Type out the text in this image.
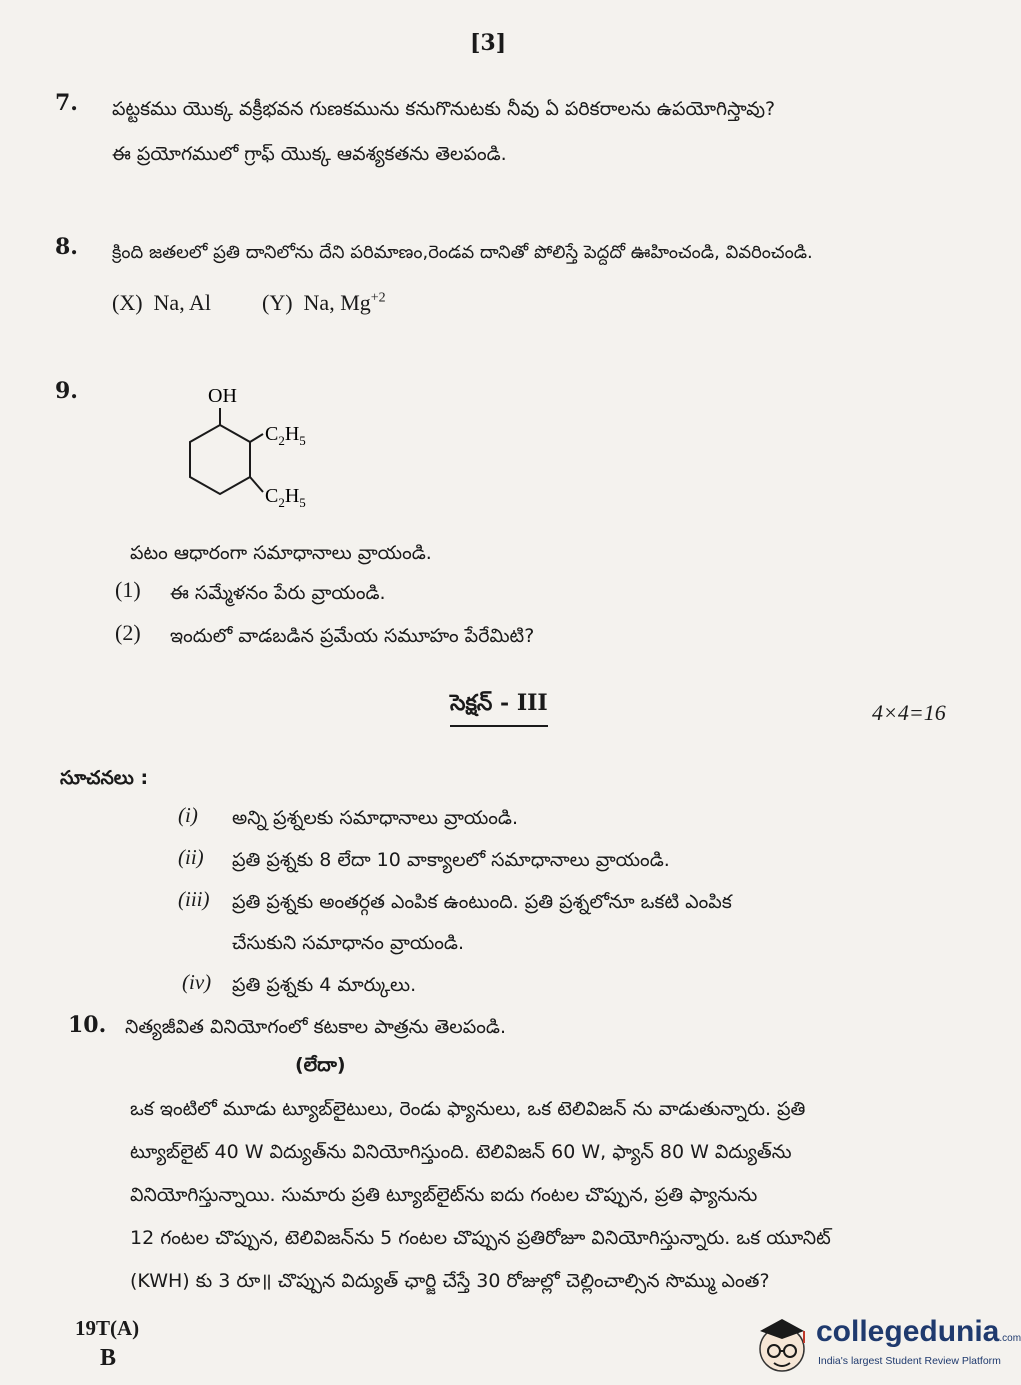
[3]
7. పట్టకము యొక్క వక్రీభవన గుణకమును కనుగొనుటకు నీవు ఏ పరికరాలను ఉపయోగిస్తావు?
ఈ ప్రయోగములో గ్రాఫ్ యొక్క ఆవశ్యకతను తెలపండి.
8. క్రింది జతలలో ప్రతి దానిలోను దేని పరిమాణం,రెండవ దానితో పోలిస్తే పెద్దదో ఊహించండి, వివరించండి.
(X) Na, Al (Y) Na, $Mg^{+2}$
9.	OH
$C_2H_5$
$C_2H_5$
పటం ఆధారంగా సమాధానాలు వ్రాయండి.
(1) ఈ సమ్మేళనం పేరు వ్రాయండి.
(2) ఇందులో వాడబడిన ప్రమేయ సమూహం పేరేమిటి?
సెక్షన్ - III	4×4=16
సూచనలు :
(i) అన్ని ప్రశ్నలకు సమాధానాలు వ్రాయండి.
(ii) ప్రతి ప్రశ్నకు 8 లేదా 10 వాక్యాలలో సమాధానాలు వ్రాయండి.
(iii) ప్రతి ప్రశ్నకు అంతర్గత ఎంపిక ఉంటుంది. ప్రతి ప్రశ్నలోనూ ఒకటి ఎంపిక
చేసుకుని సమాధానం వ్రాయండి.
(iv) ప్రతి ప్రశ్నకు 4 మార్కులు.
10. నిత్యజీవిత వినియోగంలో కటకాల పాత్రను తెలపండి.
(లేదా)
ఒక ఇంటిలో మూడు ట్యూబ్‌లైటులు, రెండు ఫ్యానులు, ఒక టెలివిజన్ ను వాడుతున్నారు. ప్రతి
ట్యూబ్‌లైట్ 40 W విద్యుత్‌ను వినియోగిస్తుంది. టెలివిజన్ 60 W, ఫ్యాన్ 80 W విద్యుత్‌ను
వినియోగిస్తున్నాయి. సుమారు ప్రతి ట్యూబ్‌లైట్‌ను ఐదు గంటల చొప్పున, ప్రతి ఫ్యానును
12 గంటల చొప్పున, టెలివిజన్‌ను 5 గంటల చొప్పున ప్రతిరోజూ వినియోగిస్తున్నారు. ఒక యూనిట్
(KWH) కు 3 రూ॥ చొప్పున విద్యుత్ ఛార్జి చేస్తే 30 రోజుల్లో చెల్లించాల్సిన సొమ్ము ఎంత?
19T(A)
B
collegedunia.com
India's largest Student Review Platform
